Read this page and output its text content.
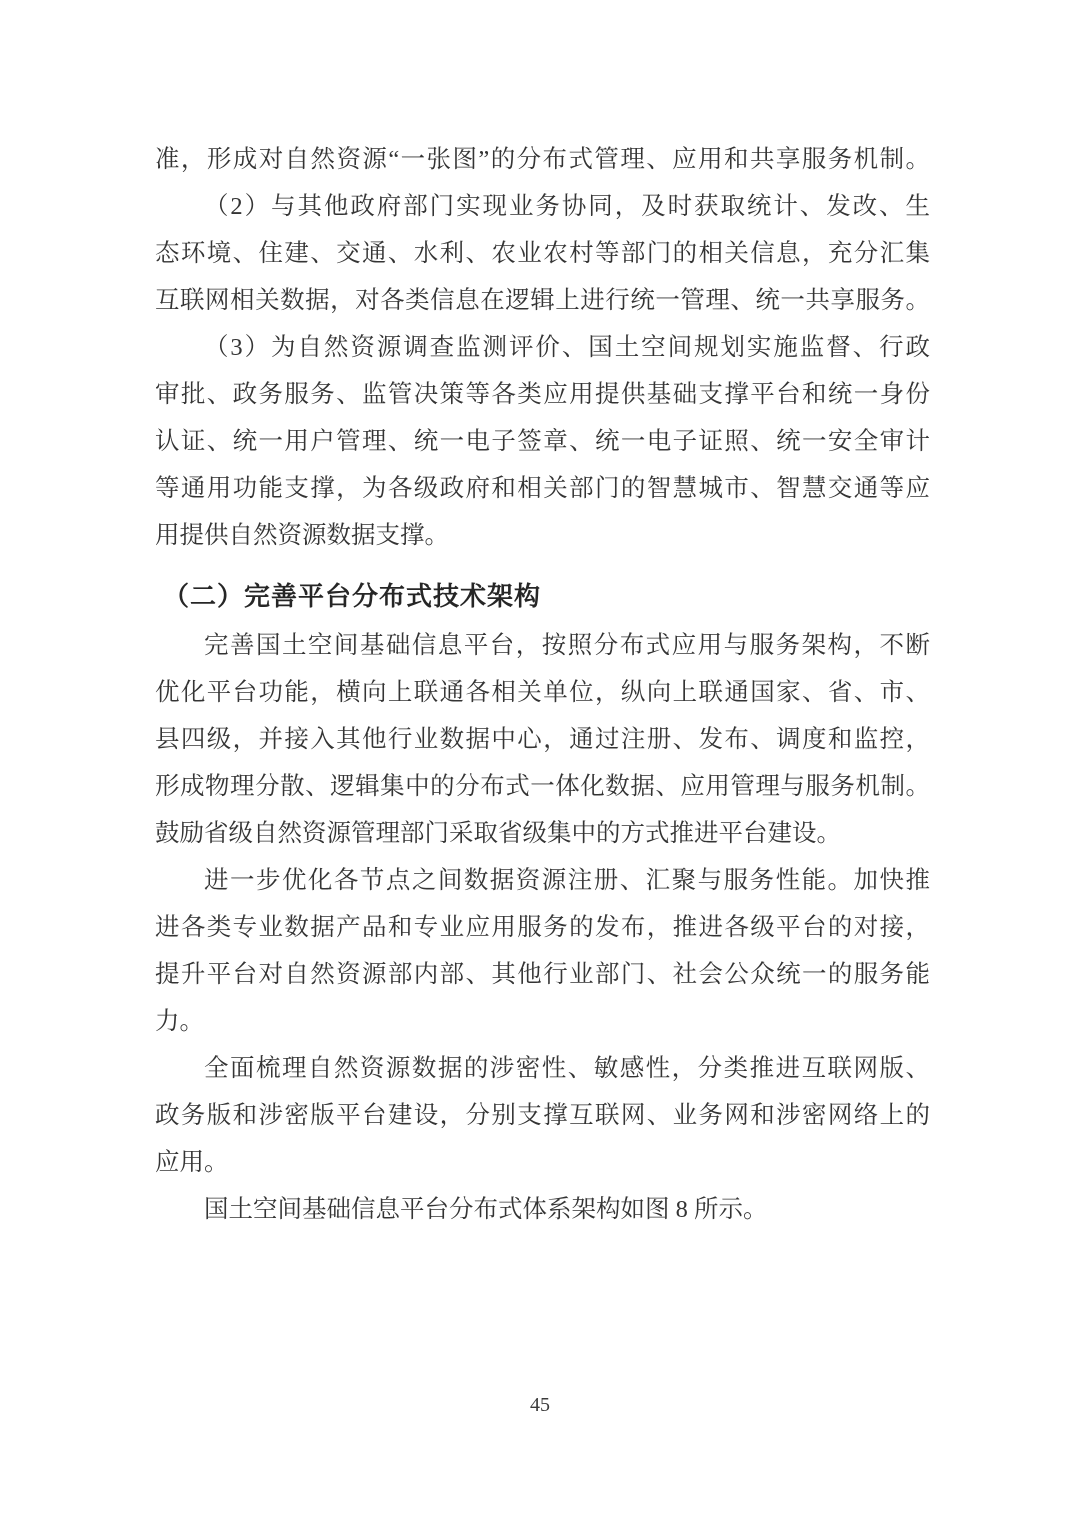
准，形成对自然资源“一张图”的分布式管理、应用和共享服务机制。
（2）与其他政府部门实现业务协同，及时获取统计、发改、生
态环境、住建、交通、水利、农业农村等部门的相关信息，充分汇集
互联网相关数据，对各类信息在逻辑上进行统一管理、统一共享服务。
（3）为自然资源调查监测评价、国土空间规划实施监督、行政
审批、政务服务、监管决策等各类应用提供基础支撑平台和统一身份
认证、统一用户管理、统一电子签章、统一电子证照、统一安全审计
等通用功能支撑，为各级政府和相关部门的智慧城市、智慧交通等应
用提供自然资源数据支撑。
（二）完善平台分布式技术架构
完善国土空间基础信息平台，按照分布式应用与服务架构，不断
优化平台功能，横向上联通各相关单位，纵向上联通国家、省、市、
县四级，并接入其他行业数据中心，通过注册、发布、调度和监控，
形成物理分散、逻辑集中的分布式一体化数据、应用管理与服务机制。
鼓励省级自然资源管理部门采取省级集中的方式推进平台建设。
进一步优化各节点之间数据资源注册、汇聚与服务性能。加快推
进各类专业数据产品和专业应用服务的发布，推进各级平台的对接，
提升平台对自然资源部内部、其他行业部门、社会公众统一的服务能
力。
全面梳理自然资源数据的涉密性、敏感性，分类推进互联网版、
政务版和涉密版平台建设，分别支撑互联网、业务网和涉密网络上的
应用。
国土空间基础信息平台分布式体系架构如图 8 所示。
45
